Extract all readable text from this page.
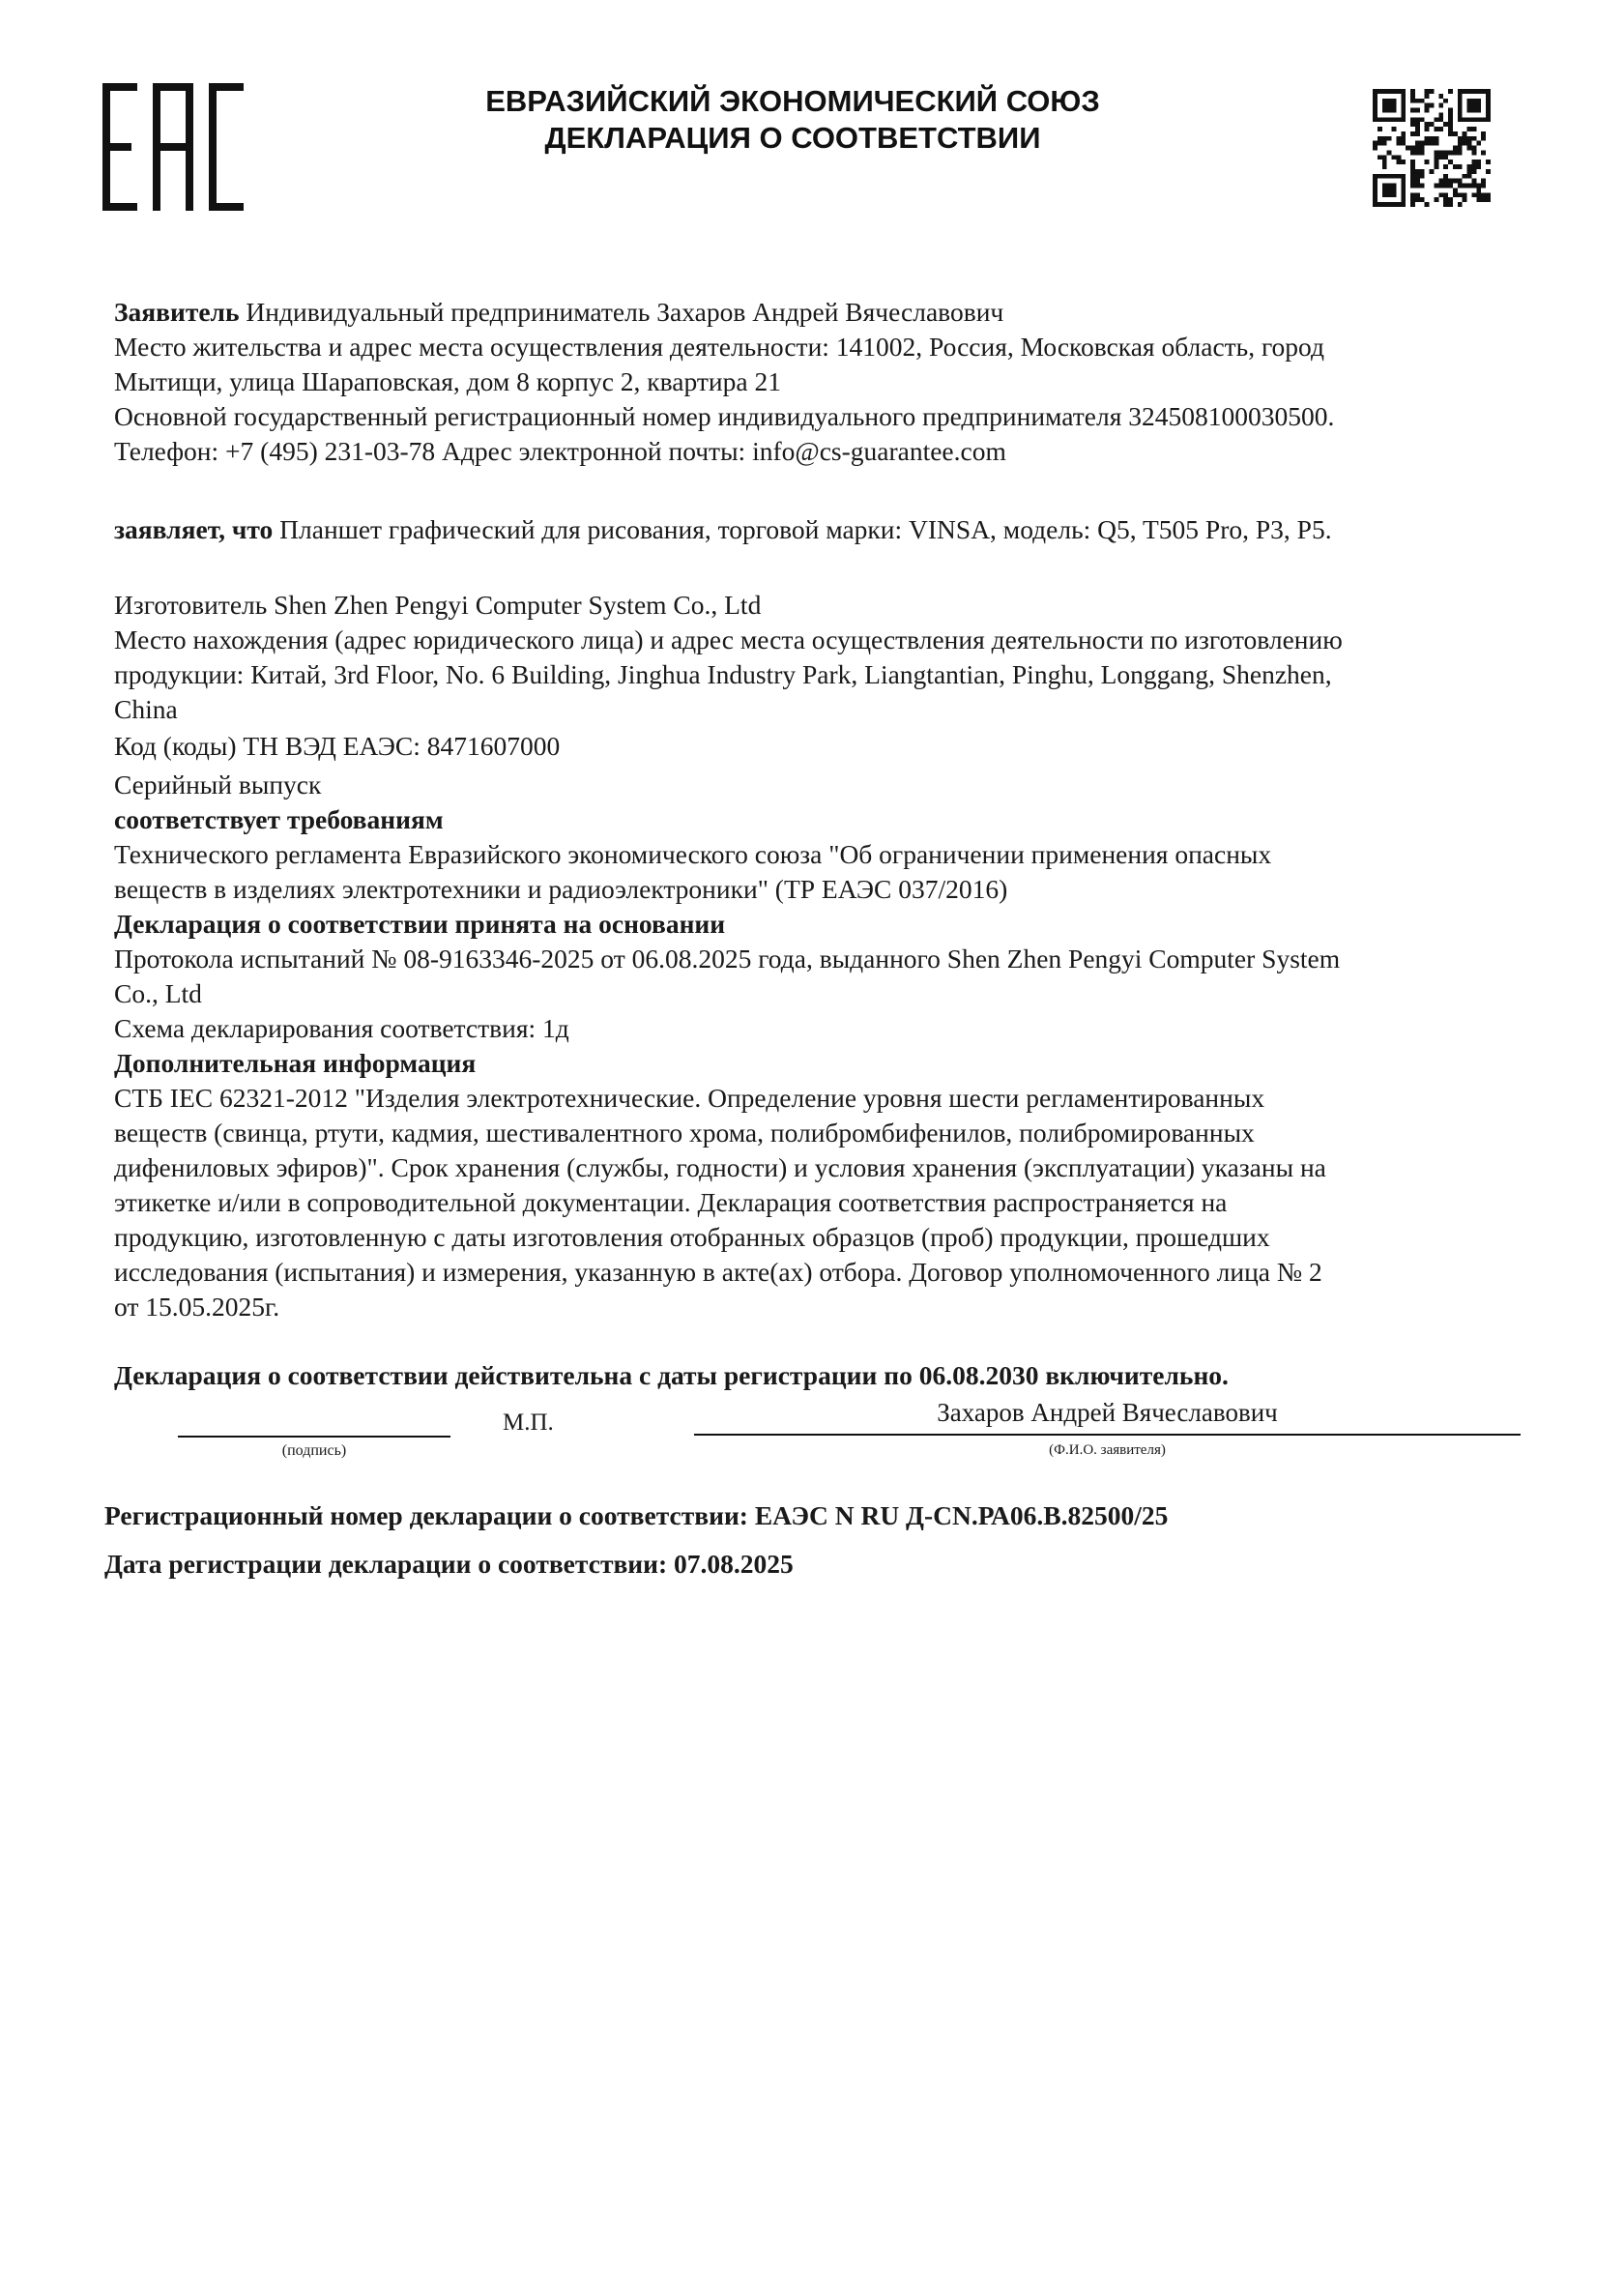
ЕВРАЗИЙСКИЙ ЭКОНОМИЧЕСКИЙ СОЮЗ
ДЕКЛАРАЦИЯ О СООТВЕТСТВИИ

Заявитель Индивидуальный предприниматель Захаров Андрей Вячеславович

Место жительства и адрес места осуществления деятельности: 141002, Россия, Московская область, город

Мытищи, улица Шараповская, дом 8 корпус 2, квартира 21

Основной государственный регистрационный номер индивидуального предпринимателя 324508100030500.

Телефон: +7 (495) 231-03-78 Адрес электронной почты: info@cs-guarantee.com

заявляет, что Планшет графический для рисования, торговой марки: VINSA, модель: Q5, T505 Pro, P3, P5.

Изготовитель Shen Zhen Pengyi Computer System Co., Ltd

Место нахождения (адрес юридического лица) и адрес места осуществления деятельности по изготовлению

продукции: Китай, 3rd Floor, No. 6 Building, Jinghua Industry Park, Liangtantian, Pinghu, Longgang, Shenzhen,

China

Код (коды) ТН ВЭД ЕАЭС: 8471607000

Серийный выпуск

соответствует требованиям

Технического регламента Евразийского экономического союза "Об ограничении применения опасных

веществ в изделиях электротехники и радиоэлектроники" (ТР ЕАЭС 037/2016)

Декларация о соответствии принята на основании

Протокола испытаний № 08-9163346-2025 от 06.08.2025 года, выданного Shen Zhen Pengyi Computer System

Co., Ltd

Схема декларирования соответствия: 1д

Дополнительная информация

СТБ IEC 62321-2012 "Изделия электротехнические. Определение уровня шести регламентированных

веществ (свинца, ртути, кадмия, шестивалентного хрома, полибромбифенилов, полибромированных

дифениловых эфиров)". Срок хранения (службы, годности) и условия хранения (эксплуатации) указаны на

этикетке и/или в сопроводительной документации. Декларация соответствия распространяется на

продукцию, изготовленную с даты изготовления отобранных образцов (проб) продукции, прошедших

исследования (испытания) и измерения, указанную в акте(ах) отбора. Договор уполномоченного лица № 2

от 15.05.2025г.

Декларация о соответствии действительна с даты регистрации по 06.08.2030 включительно.

(подпись)
М.П.	Захаров Андрей Вячеславович
(Ф.И.О. заявителя)
Регистрационный номер декларации о соответствии: ЕАЭС N RU Д-CN.РА06.В.82500/25
Дата регистрации декларации о соответствии: 07.08.2025
